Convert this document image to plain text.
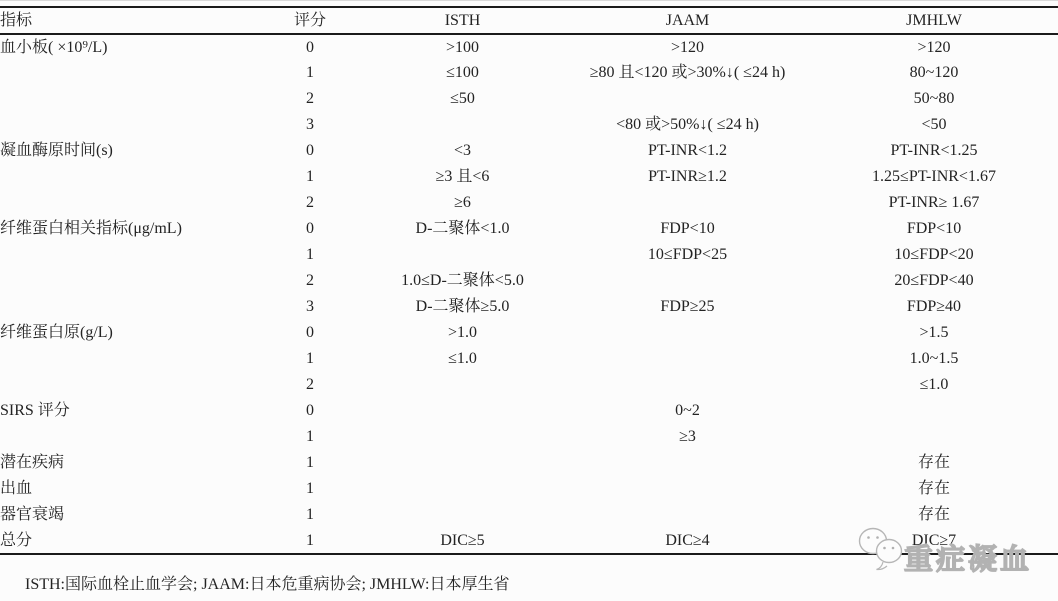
指标	评分	ISTH	JAAM	JMHLW
血小板( ×10⁹/L)	0	>100	>120	>120
	1	≤100	≥80 且<120 或>30%↓( ≤24 h)	80~120
	2	≤50		50~80
	3		<80 或>50%↓( ≤24 h)	<50
凝血酶原时间(s)	0	<3	PT-INR<1.2	PT-INR<1.25
	1	≥3 且<6	PT-INR≥1.2	1.25≤PT-INR<1.67
	2	≥6		PT-INR≥ 1.67
纤维蛋白相关指标(μg/mL)	0	D-二聚体<1.0	FDP<10	FDP<10
	1		10≤FDP<25	10≤FDP<20
	2	1.0≤D-二聚体<5.0		20≤FDP<40
	3	D-二聚体≥5.0	FDP≥25	FDP≥40
纤维蛋白原(g/L)	0	>1.0		>1.5
	1	≤1.0		1.0~1.5
	2			≤1.0
SIRS 评分	0		0~2	
	1		≥3	
潜在疾病	1			存在
出血	1			存在
器官衰竭	1			存在
总分	1	DIC≥5	DIC≥4	DIC≥7
ISTH:国际血栓止血学会; JAAM:日本危重病协会; JMHLW:日本厚生省
重症凝血
